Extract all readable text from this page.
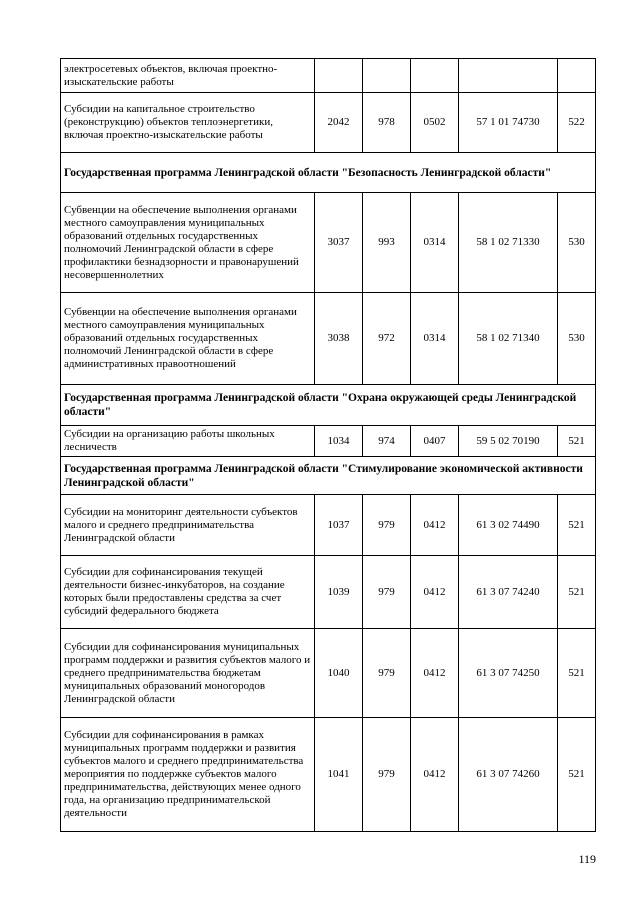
электросетевых объектов, включая проектно-изыскательские работы					
Субсидии на капитальное строительство (реконструкцию) объектов теплоэнергетики, включая проектно-изыскательские работы	2042	978	0502	57 1 01 74730	522
Государственная программа Ленинградской области "Безопасность Ленинградской области"					
Субвенции на обеспечение выполнения органами местного самоуправления муниципальных образований отдельных государственных полномочий Ленинградской области в сфере профилактики безнадзорности и правонарушений несовершеннолетних	3037	993	0314	58 1 02 71330	530
Субвенции на обеспечение выполнения органами местного самоуправления муниципальных образований отдельных государственных полномочий Ленинградской области в сфере административных правоотношений	3038	972	0314	58 1 02 71340	530
Государственная программа Ленинградской области "Охрана окружающей среды Ленинградской области"					
Субсидии на организацию работы школьных лесничеств	1034	974	0407	59 5 02 70190	521
Государственная программа Ленинградской области "Стимулирование экономической активности Ленинградской области"					
Субсидии на мониторинг деятельности субъектов малого и среднего предпринимательства Ленинградской области	1037	979	0412	61 3 02 74490	521
Субсидии для софинансирования текущей деятельности бизнес-инкубаторов, на создание которых были предоставлены средства за счет субсидий федерального бюджета	1039	979	0412	61 3 07 74240	521
Субсидии для софинансирования муниципальных программ поддержки и развития субъектов малого и среднего предпринимательства бюджетам муниципальных образований моногородов Ленинградской области	1040	979	0412	61 3 07 74250	521
Субсидии для софинансирования в рамках муниципальных программ поддержки и развития субъектов малого и среднего предпринимательства мероприятия по поддержке субъектов малого предпринимательства, действующих менее одного года, на организацию предпринимательской деятельности	1041	979	0412	61 3 07 74260	521
119
